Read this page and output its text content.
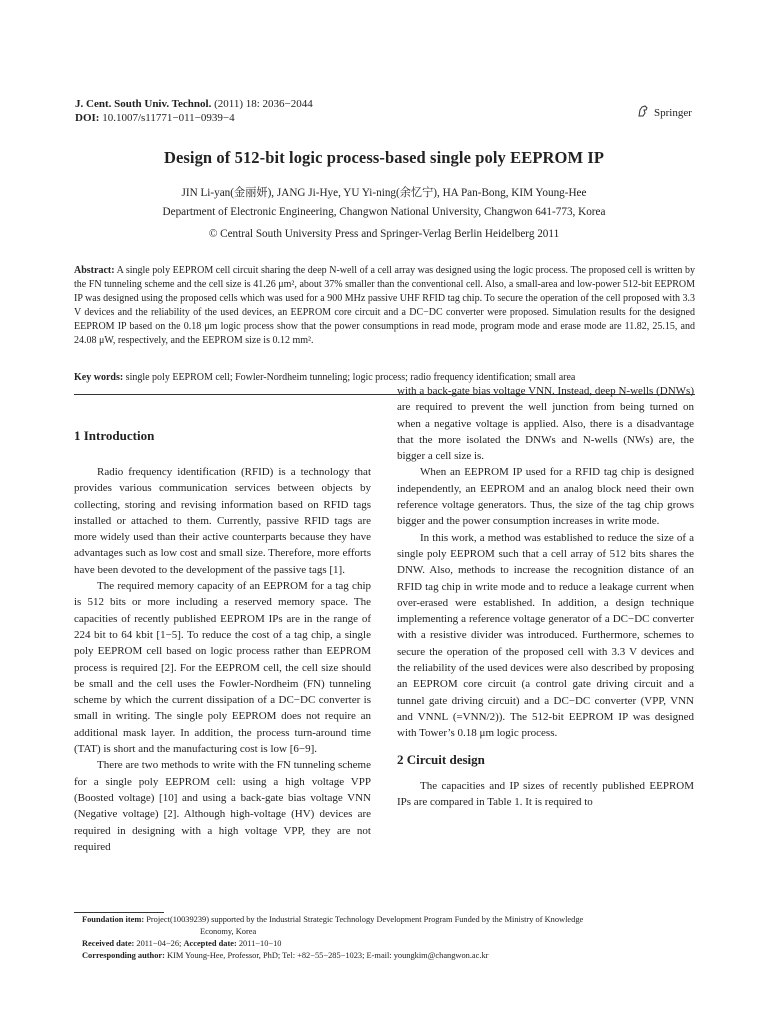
J. Cent. South Univ. Technol. (2011) 18: 2036−2044
DOI: 10.1007/s11771−011−0939−4	Springer
Design of 512-bit logic process-based single poly EEPROM IP
JIN Li-yan(金丽妍), JANG Ji-Hye, YU Yi-ning(余忆宁), HA Pan-Bong, KIM Young-Hee
Department of Electronic Engineering, Changwon National University, Changwon 641-773, Korea
© Central South University Press and Springer-Verlag Berlin Heidelberg 2011
Abstract: A single poly EEPROM cell circuit sharing the deep N-well of a cell array was designed using the logic process. The proposed cell is written by the FN tunneling scheme and the cell size is 41.26 μm², about 37% smaller than the conventional cell. Also, a small-area and low-power 512-bit EEPROM IP was designed using the proposed cells which was used for a 900 MHz passive UHF RFID tag chip. To secure the operation of the cell proposed with 3.3 V devices and the reliability of the used devices, an EEPROM core circuit and a DC−DC converter were proposed. Simulation results for the designed EEPROM IP based on the 0.18 μm logic process show that the power consumptions in read mode, program mode and erase mode are 11.82, 25.15, and 24.08 μW, respectively, and the EEPROM size is 0.12 mm².
Key words: single poly EEPROM cell; Fowler-Nordheim tunneling; logic process; radio frequency identification; small area
1 Introduction

Radio frequency identification (RFID) is a technology that provides various communication services between objects by collecting, storing and revising information based on RFID tags installed or attached to them. Currently, passive RFID tags are more widely used than their active counterparts because they have advantages such as low cost and small size. Therefore, more efforts have been devoted to the development of the passive tags [1].

The required memory capacity of an EEPROM for a tag chip is 512 bits or more including a reserved memory space. The capacities of recently published EEPROM IPs are in the range of 224 bit to 64 kbit [1−5]. To reduce the cost of a tag chip, a single poly EEPROM cell based on logic process rather than EEPROM process is required [2]. For the EEPROM cell, the cell size should be small and the cell uses the Fowler-Nordheim (FN) tunneling scheme by which the current dissipation of a DC−DC converter is small in writing. The single poly EEPROM does not require an additional mask layer. In addition, the process turn-around time (TAT) is short and the manufacturing cost is low [6−9].

There are two methods to write with the FN tunneling scheme for a single poly EEPROM cell: using a high voltage VPP (Boosted voltage) [10] and using a back-gate bias voltage VNN (Negative voltage) [2]. Although high-voltage (HV) devices are required in designing with a high voltage VPP, they are not required

with a back-gate bias voltage VNN. Instead, deep N-wells (DNWs) are required to prevent the well junction from being turned on when a negative voltage is applied. Also, there is a disadvantage that the more isolated the DNWs and N-wells (NWs) are, the bigger a cell size is.

When an EEPROM IP used for a RFID tag chip is designed independently, an EEPROM and an analog block need their own reference voltage generators. Thus, the size of the tag chip grows bigger and the power consumption increases in write mode.

In this work, a method was established to reduce the size of a single poly EEPROM such that a cell array of 512 bits shares the DNW. Also, methods to increase the recognition distance of an RFID tag chip in write mode and to reduce a leakage current when over-erased were established. In addition, a design technique implementing a reference voltage generator of a DC−DC converter with a resistive divider was introduced. Furthermore, schemes to secure the operation of the proposed cell with 3.3 V devices and the reliability of the used devices were also described by proposing an EEPROM core circuit (a control gate driving circuit and a tunnel gate driving circuit) and a DC−DC converter (VPP, VNN and VNNL (=VNN/2)). The 512-bit EEPROM IP was designed with Tower’s 0.18 μm logic process.

2 Circuit design

The capacities and IP sizes of recently published EEPROM IPs are compared in Table 1. It is required to

Foundation item: Project(10039239) supported by the Industrial Strategic Technology Development Program Funded by the Ministry of Knowledge
Economy, Korea
Received date: 2011−04−26; Accepted date: 2011−10−10
Corresponding author: KIM Young-Hee, Professor, PhD; Tel: +82−55−285−1023; E-mail: youngkim@changwon.ac.kr
